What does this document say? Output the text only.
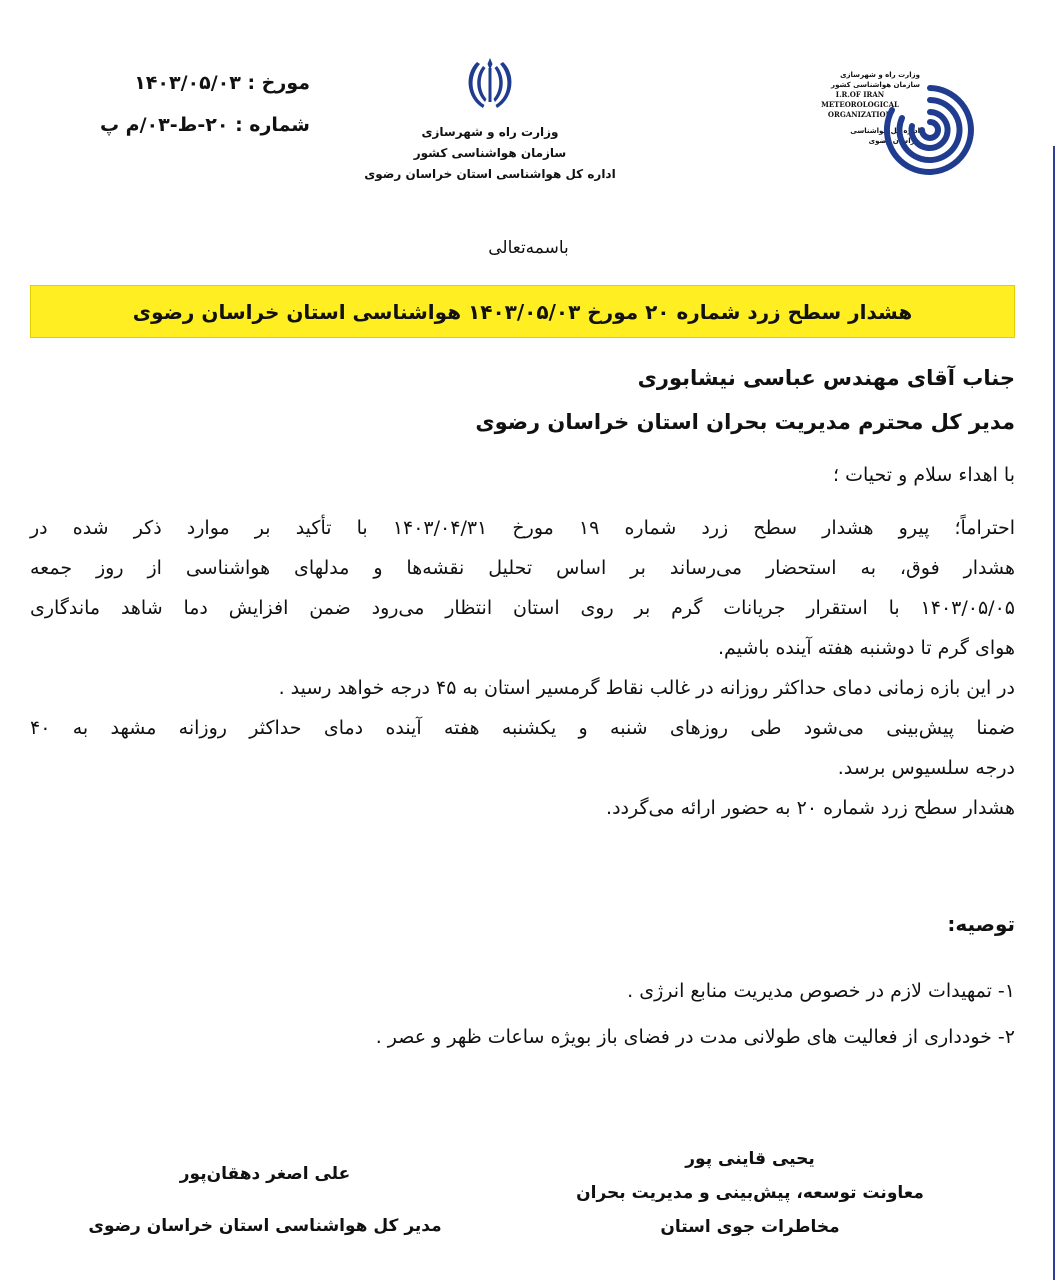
مورخ : ۱۴۰۳/۰۵/۰۳
شماره : ۲۰-ط-۰۳/م پ	وزارت راه و شهرسازی
سازمان هواشناسی کشور
اداره کل هواشناسی استان خراسان رضوی
وزارت راه و شهرسازی
سازمان هواشناسی کشور
I.R.OF IRAN
METEOROLOGICAL
ORGANIZATION
اداره کل هواشناسی
خراسان رضوی
باسمه‌تعالی
هشدار سطح زرد شماره ۲۰ مورخ ۱۴۰۳/۰۵/۰۳ هواشناسی استان خراسان رضوی
جناب آقای مهندس عباسی نیشابوری
مدیر کل محترم مدیریت بحران استان خراسان رضوی
با اهداء سلام و تحیات ؛
احتراماً؛ پیرو هشدار سطح زرد شماره ۱۹ مورخ ۱۴۰۳/۰۴/۳۱ با تأکید بر موارد ذکر شده در
هشدار فوق، به استحضار می‌رساند بر اساس تحلیل نقشه‌ها و مدلهای هواشناسی از روز جمعه
۱۴۰۳/۰۵/۰۵ با استقرار جریانات گرم بر روی استان انتظار می‌رود ضمن افزایش دما شاهد ماندگاری
هوای گرم تا دوشنبه هفته آینده باشیم.
در این بازه زمانی دمای حداکثر روزانه در غالب نقاط گرمسیر استان به ۴۵ درجه خواهد رسید .
ضمنا پیش‌بینی می‌شود طی روزهای شنبه و یکشنبه هفته آینده دمای حداکثر روزانه مشهد به ۴۰
درجه سلسیوس برسد.
هشدار سطح زرد شماره ۲۰ به حضور ارائه می‌گردد.
توصیه:
۱- تمهیدات لازم در خصوص مدیریت منابع انرژی .
۲- خودداری از فعالیت های طولانی مدت در فضای باز بویژه ساعات ظهر و عصر .
علی اصغر دهقان‌پور
مدیر کل هواشناسی استان خراسان رضوی
یحیی قاینی پور
معاونت توسعه، پیش‌بینی و مدیریت بحران
مخاطرات جوی استان
